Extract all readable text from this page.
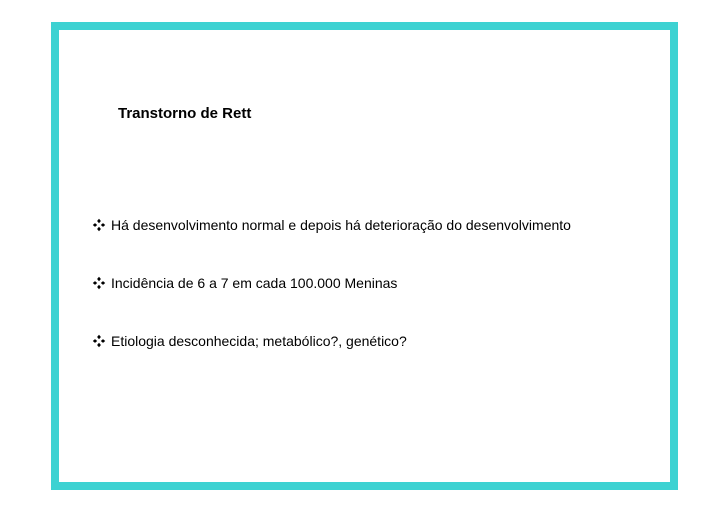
Transtorno de Rett
Há desenvolvimento normal e depois há deterioração do desenvolvimento
Incidência de 6 a 7 em cada 100.000 Meninas
Etiologia desconhecida; metabólico?, genético?
